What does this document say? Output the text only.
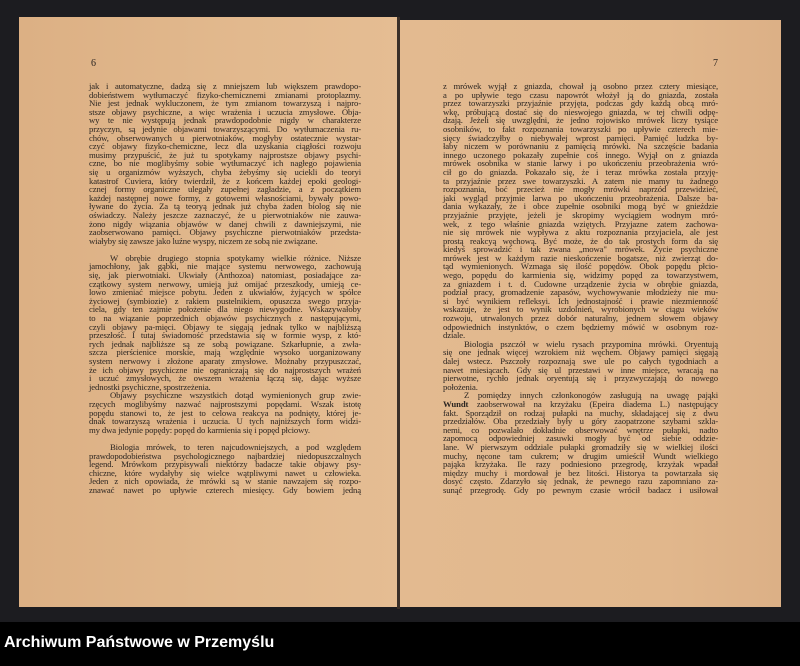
6	7
jak i automatyczne, dadzą się z mniejszem lub większem prawdopo-
dobieństwem wytłumaczyć fizyko-chemicznemi zmianami protoplazmy.
Nie jest jednak wykluczonem, że tym zmianom towarzyszą i najpro-
stsze objawy psychiczne, a więc wrażenia i uczucia zmysłowe. Obja-
wy te nie występują jednak prawdopodobnie nigdy w charakterze
przyczyn, są jedynie objawami towarzyszącymi. Do wytłumaczenia ru-
chów, obserwowanych u pierwotniaków, mogłyby ostatecznie wystar-
czyć objawy fizyko-chemiczne, lecz dla uzyskania ciągłości rozwoju
musimy przypuścić, że już tu spotykamy najprostsze objawy psychi-
czne, bo nie moglibyśmy sobie wytłumaczyć ich nagłego pojawienia
się u organizmów wyższych, chyba żebyśmy się uciekli do teoryi
katastrof Cuviera, który twierdził, że z końcem każdej epoki geologi-
cznej formy organiczne ulegały zupełnej zagładzie, a z początkiem
każdej następnej nowe formy, z gotowemi własnościami, bywały powo-
ływane do życia. Za tą teoryą jednak już chyba żaden biolog się nie
oświadczy. Należy jeszcze zaznaczyć, że u pierwotniaków nie zauwa-
żono nigdy wiązania objawów w danej chwili z dawniejszymi, nie
zaobserwowano pamięci. Objawy psychiczne pierwotniaków przedsta-
wiałyby się zawsze jako luźne wyspy, niczem ze sobą nie związane.
W obrębie drugiego stopnia spotykamy wielkie różnice. Niższe
jamochłony, jak gąbki, nie mające systemu nerwowego, zachowują
się, jak pierwotniaki. Ukwiały (Anthozoa) natomiast, posiadające za-
czątkowy system nerwowy, umieją już omijać przeszkody, umieją ce-
lowo zmieniać miejsce pobytu. Jeden z ukwiałów, żyjących w spółce
życiowej (symbiozie) z rakiem pustelnikiem, opuszcza swego przyja-
ciela, gdy ten zajmie położenie dla niego niewygodne. Wskazywałoby
to na wiązanie poprzednich objawów psychicznych z następującymi,
czyli objawy pa-mięci. Objawy te sięgają jednak tylko w najbliższą
przeszłość. I tutaj świadomość przedstawia się w formie wysp, z któ-
rych jednak najbliższe są ze sobą powiązane. Szkarłupnie, a zwła-
szcza pierścienice morskie, mają względnie wysoko uorganizowany
system nerwowy i złożone aparaty zmysłowe. Możnaby przypuszczać,
że ich objawy psychiczne nie ograniczają się do najprostszych wrażeń
i uczuć zmysłowych, że owszem wrażenia łączą się, dając wyższe
jednostki psychiczne, spostrzeżenia.
Objawy psychiczne wszystkich dotąd wymienionych grup zwie-
rzęcych moglibyśmy nazwać najprostszymi popędami. Wszak istotę
popędu stanowi to, że jest to celowa reakcya na podnięty, której je-
dnak towarzyszą wrażenia i uczucia. U tych najniższych form widzi-
my dwa jedynie popędy: popęd do karmienia się i popęd płciowy.
Biologia mrówek, to teren najcudowniejszych, a pod względem
prawdopodobieństwa psychologicznego najbardziej niedopuszczalnych
legend. Mrówkom przypisywali niektórzy badacze takie objawy psy-
chiczne, które wydałyby się wielce wątpliwymi nawet u człowieka.
Jeden z nich opowiada, że mrówki są w stanie nawzajem się rozpo-
znawać nawet po upływie czterech miesięcy. Gdy bowiem jedną
z mrówek wyjął z gniazda, chował ją osobno przez cztery miesiące,
a po upływie tego czasu napowrót włożył ją do gniazda, została
przez towarzyszki przyjaźnie przyjęta, podczas gdy każdą obcą mró-
wkę, próbującą dostać się do nieswojego gniazda, w tej chwili odpę-
dzają. Jeżeli się uwzględni, że jedno rojowisko mrówek liczy tysiące
osobników, to fakt rozpoznania towarzyszki po upływie czterech mie-
sięcy świadczyłby o niebywałej wprost pamięci. Pamięć ludzka by-
łaby niczem w porównaniu z pamięcią mrówki. Na szczęście badania
innego uczonego pokazały zupełnie coś innego. Wyjął on z gniazda
mrówek osobnika w stanie larwy i po ukończeniu przeobrażenia wró-
cił go do gniazda. Pokazało się, że i teraz mrówka została przyję-
ta przyjaźnie przez swe towarzyszki. A zatem nie mamy tu żadnego
rozpoznania, boć przecież nie mogły mrówki naprzód przewidzieć,
jaki wygląd przyjmie larwa po ukończeniu przeobrażenia. Dalsze ba-
dania wykazały, że i obce zupełnie osobniki mogą być w gnieździe
przyjaźnie przyjęte, jeżeli je skropimy wyciągiem wodnym mró-
wek, z tego właśnie gniazda wziętych. Przyjazne zatem zachowa-
nie się mrówek nie wypływa z aktu rozpoznania przyjaciela, ale jest
prostą reakcyą węchową. Być może, że do tak prostych form da się
kiedyś sprowadzić i tak zwana „mowa" mrówek. Życie psychiczne
mrówek jest w każdym razie nieskończenie bogatsze, niż zwierząt do-
tąd wymienionych. Wzmaga się ilość popędów. Obok popędu płcio-
wego, popędu do karmienia się, widzimy popęd za towarzystwem,
za gniazdem i t. d. Cudowne urządzenie życia w obrębie gniazda,
podział pracy, gromadzenie zapasów, wychowywanie młodzieży nie mu-
si być wynikiem refleksyi. Ich jednostajność i prawie niezmienność
wskazuje, że jest to wynik uzdolnień, wyrobionych w ciągu wieków
rozwoju, utrwalonych przez dobór naturalny, jednem słowem objawy
odpowiednich instynktów, o czem będziemy mówić w osobnym roz-
dziale.
Biologia pszczół w wielu rysach przypomina mrówki. Oryentują
się one jednak więcej wzrokiem niż węchem. Objawy pamięci sięgają
dalej wstecz. Pszczoły rozpoznają swe ule po całych tygodniach a
nawet miesiącach. Gdy się ul przestawi w inne miejsce, wracają na
pierwotne, rychło jednak oryentują się i przyzwyczajają do nowego
położenia.
Z pomiędzy innych członkonogów zasługują na uwagę pająki
Wundt zaobserwował na krzyżaku (Epeira diadema L.) następujący
fakt. Sporządził on rodzaj pułapki na muchy, składającej się z dwu
przedziałów. Oba przedziały były u góry zaopatrzone szybami szkla-
nemi, co pozwalało dokładnie obserwować wnętrze pułapki, nadto
zapomocą odpowiedniej zasuwki mogły być od siebie oddzie-
lane. W pierwszym oddziale pułapki gromadziły się w wielkiej ilości
muchy, nęcone tam cukrem; w drugim umieścił Wundt wielkiego
pająka krzyżaka. Ile razy podniesiono przegrodę, krzyżak wpadał
między muchy i mordował je bez litości. Historya ta powtarzała się
dosyć często. Zdarzyło się jednak, że pewnego razu zapomniano za-
sunąć przegrodę. Gdy po pewnym czasie wrócił badacz i usiłował
Archiwum Państwowe w Przemyślu
